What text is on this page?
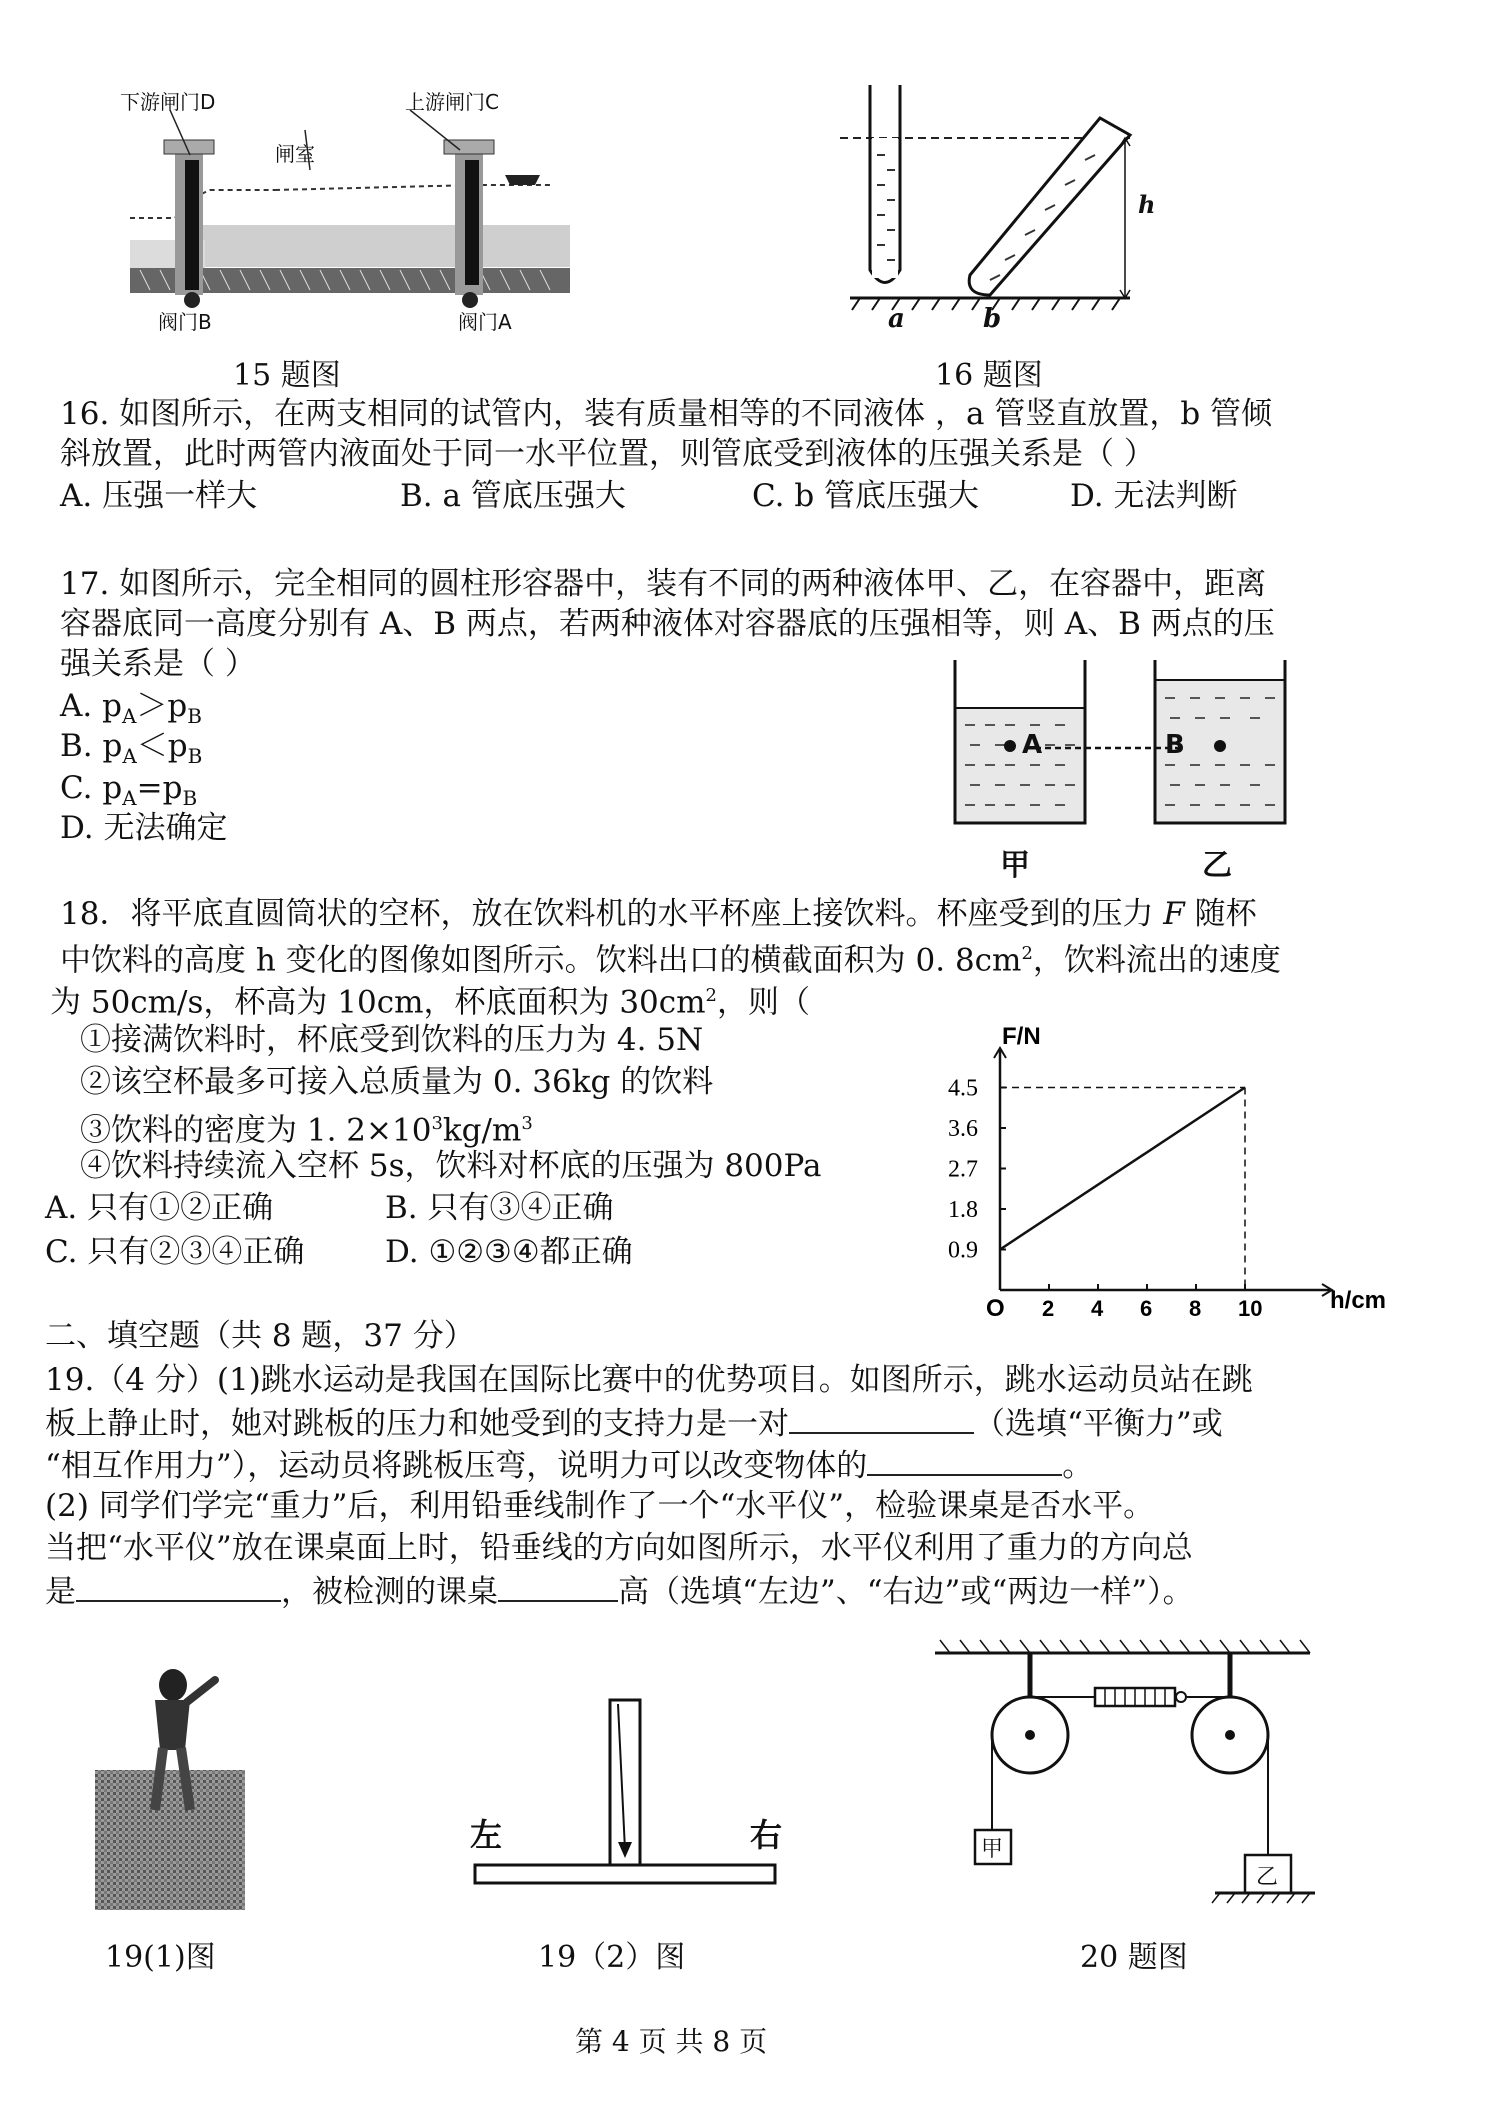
下游闸门D	上游闸门C
闸室
阀门B	阀门A
15 题图
a	b
h
16 题图
16. 如图所示，在两支相同的试管内，装有质量相等的不同液体 ，a 管竖直放置，b 管倾
斜放置，此时两管内液面处于同一水平位置，则管底受到液体的压强关系是（ ）
A. 压强一样大	B. a 管底压强大	C. b 管底压强大	D. 无法判断
17. 如图所示，完全相同的圆柱形容器中，装有不同的两种液体甲、乙，在容器中，距离
容器底同一高度分别有 A、B 两点，若两种液体对容器底的压强相等，则 A、B 两点的压
强关系是（ ）
A. $p_A>p_B$
B. $p_A<p_B$
C. $p_A=p_B$
D. 无法确定
A	B
甲	乙
18．将平底直圆筒状的空杯，放在饮料机的水平杯座上接饮料。杯座受到的压力 F 随杯
中饮料的高度 h 变化的图像如图所示。饮料出口的横截面积为 0. $8cm^2$，饮料流出的速度
为 50cm/s，杯高为 10cm，杯底面积为 $30cm^2$，则（
①接满饮料时，杯底受到饮料的压力为 4. 5N
②该空杯最多可接入总质量为 0. 36kg 的饮料
③饮料的密度为 1. $2\times 10^3kg/m^3$
④饮料持续流入空杯 5s，饮料对杯底的压强为 800Pa
A. 只有①②正确	B. 只有③④正确
C. 只有②③④正确	D. ①②③④都正确
F/N
h/cm
O 2 4 6 8 10
0.9
1.8
2.7
3.6
4.5
二、填空题（共 8 题，37 分）
19.（4 分）(1)跳水运动是我国在国际比赛中的优势项目。如图所示，跳水运动员站在跳
板上静止时，她对跳板的压力和她受到的支持力是一对	（选填“平衡力”或
“相互作用力”），运动员将跳板压弯，说明力可以改变物体的	。
(2) 同学们学完“重力”后，利用铅垂线制作了一个“水平仪”，检验课桌是否水平。
当把“水平仪”放在课桌面上时，铅垂线的方向如图所示，水平仪利用了重力的方向总
是	，被检测的课桌	高（选填“左边”、“右边”或“两边一样”）。
19(1)图
左	右
19（2）图
甲
乙
20 题图
第 4 页 共 8 页
